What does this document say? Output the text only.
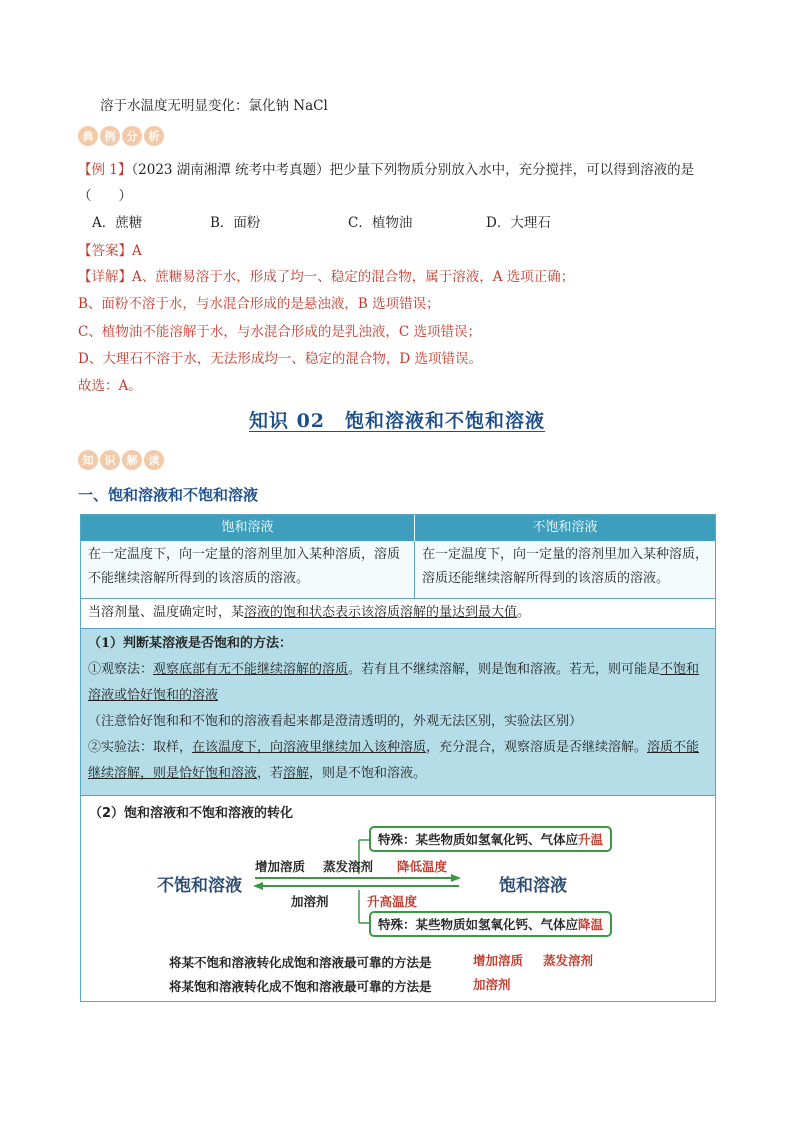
溶于水温度无明显变化：氯化钠 NaCl
典	例	分	析
【例 1】（2023 湖南湘潭 统考中考真题）把少量下列物质分别放入水中，充分搅拌，可以得到溶液的是
（　　）
A．蔗糖	B．面粉	C．植物油	D．大理石
【答案】A
【详解】A、蔗糖易溶于水，形成了均一、稳定的混合物，属于溶液，A 选项正确；
B、面粉不溶于水，与水混合形成的是悬浊液，B 选项错误；
C、植物油不能溶解于水，与水混合形成的是乳浊液，C 选项错误；
D、大理石不溶于水，无法形成均一、稳定的混合物，D 选项错误。
故选：A。
知识 02　饱和溶液和不饱和溶液
知	识	解	读
一、饱和溶液和不饱和溶液
饱和溶液	不饱和溶液
在一定温度下，向一定量的溶剂里加入某种溶质，溶质不能继续溶解所得到的该溶质的溶液。
在一定温度下，向一定量的溶剂里加入某种溶质，溶质还能继续溶解所得到的该溶质的溶液。
当溶剂量、温度确定时，某溶液的饱和状态表示该溶质溶解的量达到最大值。
（1）判断某溶液是否饱和的方法：
①观察法：观察底部有无不能继续溶解的溶质。若有且不继续溶解，则是饱和溶液。若无，则可能是不饱和溶液或恰好饱和的溶液（注意恰好饱和和不饱和的溶液看起来都是澄清透明的，外观无法区别，实验法区别）
②实验法：取样，在该温度下，向溶液里继续加入该种溶质，充分混合，观察溶质是否继续溶解。溶质不能继续溶解，则是恰好饱和溶液，若溶解，则是不饱和溶液。
（2）饱和溶液和不饱和溶液的转化
特殊：某些物质如氢氧化钙、气体应升温
增加溶质 蒸发溶剂 降低温度
不饱和溶液	饱和溶液
加溶剂	升高温度
特殊：某些物质如氢氧化钙、气体应降温
将某不饱和溶液转化成饱和溶液最可靠的方法是	增加溶质 蒸发溶剂
将某饱和溶液转化成不饱和溶液最可靠的方法是	加溶剂
